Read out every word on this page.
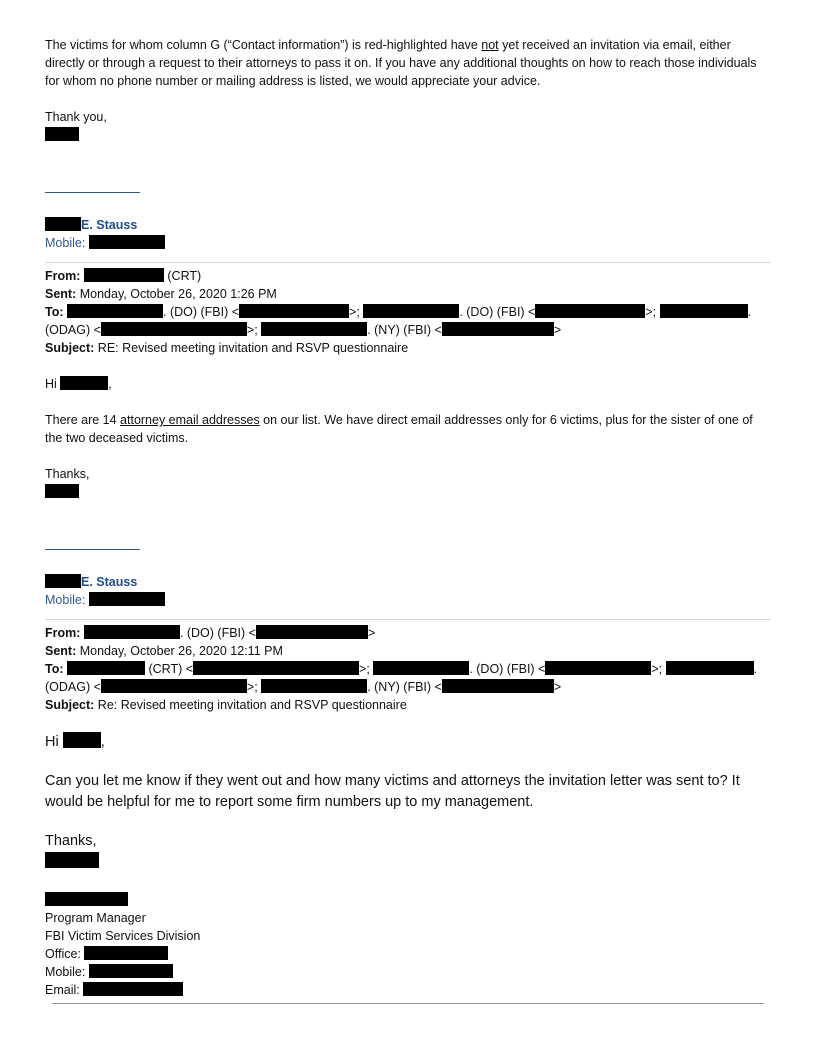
The victims for whom column G (“Contact information”) is red-highlighted have not yet received an invitation via email, either directly or through a request to their attorneys to pass it on. If you have any additional thoughts on how to reach those individuals for whom no phone number or mailing address is listed, we would appreciate your advice.

Thank you,

E. Stauss

Mobile:

From:	(CRT)

Sent: Monday, October 26, 2020 1:26 PM

To:	. (DO) (FBI) <	>;	. (DO) (FBI) <	>;	.

(ODAG) <	>;	. (NY) (FBI) <	>

Subject: RE: Revised meeting invitation and RSVP questionnaire

Hi	,

There are 14 attorney email addresses on our list. We have direct email addresses only for 6 victims, plus for the sister of one of the two deceased victims.

Thanks,

E. Stauss

Mobile:

From:	. (DO) (FBI) <	>

Sent: Monday, October 26, 2020 12:11 PM

To:	(CRT) <	>;	. (DO) (FBI) <	>;	.

(ODAG) <	>;	. (NY) (FBI) <	>

Subject: Re: Revised meeting invitation and RSVP questionnaire

Hi	,

Can you let me know if they went out and how many victims and attorneys the invitation letter was sent to? It would be helpful for me to report some firm numbers up to my management.

Thanks,

Program Manager

FBI Victim Services Division

Office:

Mobile:

Email:
